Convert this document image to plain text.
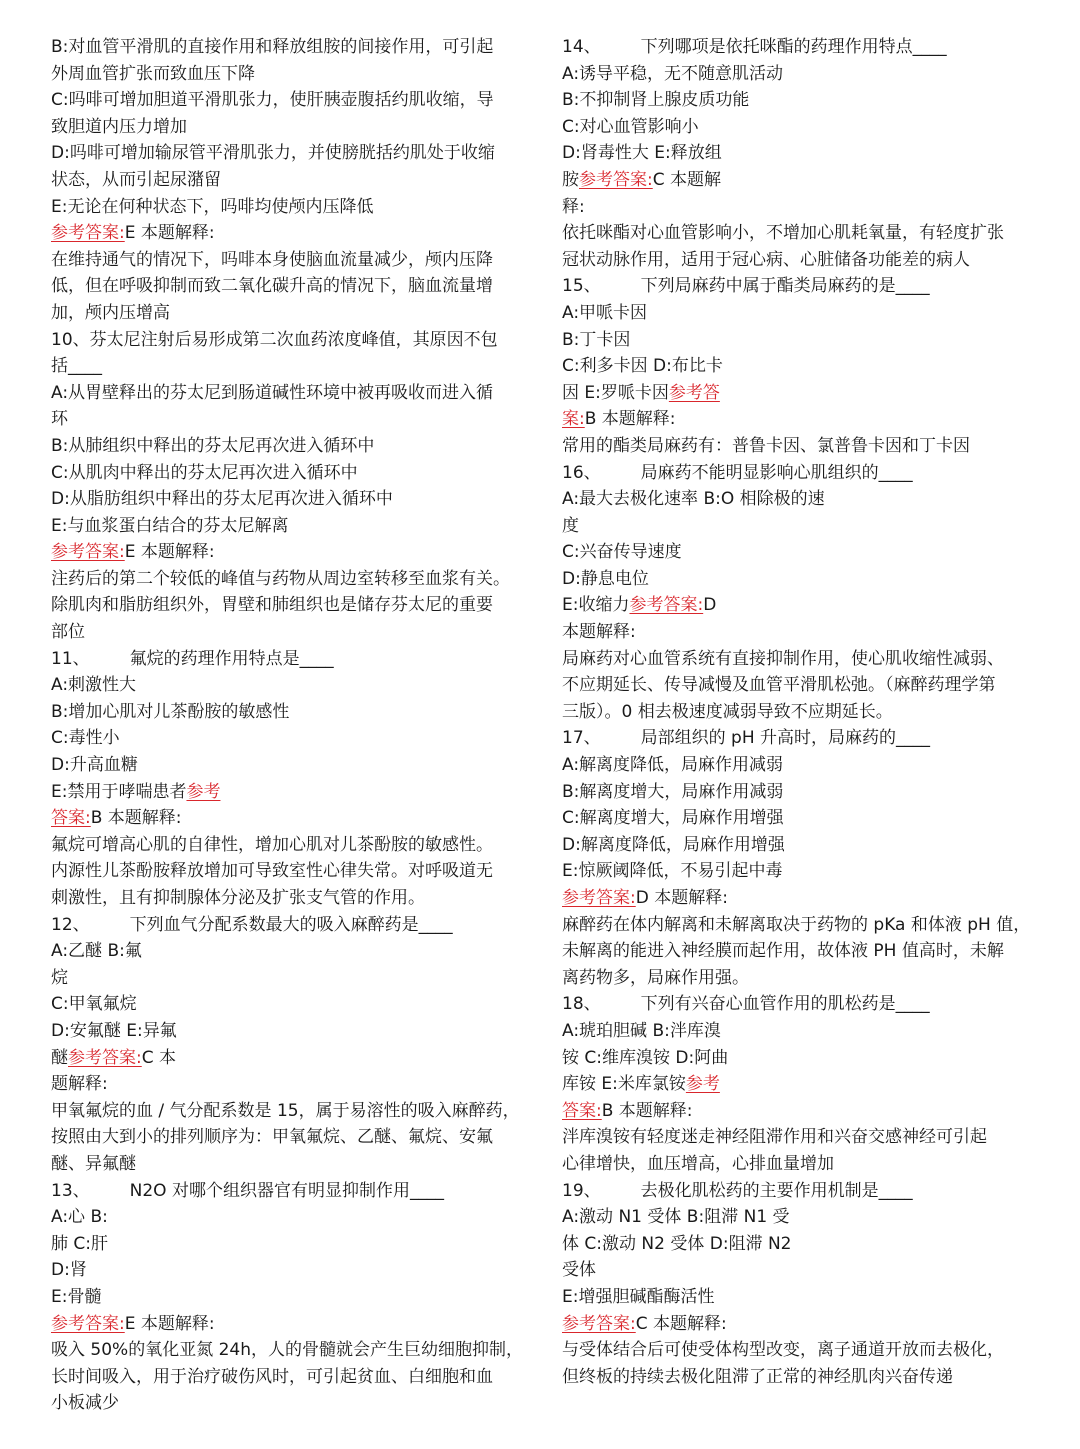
B:对血管平滑肌的直接作用和释放组胺的间接作用，可引起
外周血管扩张而致血压下降
C:吗啡可增加胆道平滑肌张力，使肝胰壶腹括约肌收缩，导
致胆道内压力增加
D:吗啡可增加输尿管平滑肌张力，并使膀胱括约肌处于收缩
状态，从而引起尿潴留
E:无论在何种状态下，吗啡均使颅内压降低
参考答案:E 本题解释:
在维持通气的情况下，吗啡本身使脑血流量减少，颅内压降
低，但在呼吸抑制而致二氧化碳升高的情况下，脑血流量增
加，颅内压增高
10、芬太尼注射后易形成第二次血药浓度峰值，其原因不包
括____
A:从胃壁释出的芬太尼到肠道碱性环境中被再吸收而进入循
环
B:从肺组织中释出的芬太尼再次进入循环中
C:从肌肉中释出的芬太尼再次进入循环中
D:从脂肪组织中释出的芬太尼再次进入循环中
E:与血浆蛋白结合的芬太尼解离
参考答案:E 本题解释:
注药后的第二个较低的峰值与药物从周边室转移至血浆有关。
除肌肉和脂肪组织外，胃壁和肺组织也是储存芬太尼的重要
部位
11、 氟烷的药理作用特点是____
A:刺激性大
B:增加心肌对儿茶酚胺的敏感性
C:毒性小
D:升高血糖
E:禁用于哮喘患者参考
答案:B 本题解释:
氟烷可增高心肌的自律性，增加心肌对儿茶酚胺的敏感性。
内源性儿茶酚胺释放增加可导致室性心律失常。对呼吸道无
刺激性，且有抑制腺体分泌及扩张支气管的作用。
12、 下列血气分配系数最大的吸入麻醉药是____
A:乙醚 B:氟
烷
C:甲氧氟烷
D:安氟醚 E:异氟
醚参考答案:C 本
题解释:
甲氧氟烷的血 / 气分配系数是 15，属于易溶性的吸入麻醉药，
按照由大到小的排列顺序为：甲氧氟烷、乙醚、氟烷、安氟
醚、异氟醚
13、 N2O 对哪个组织器官有明显抑制作用____
A:心 B:
肺 C:肝
D:肾
E:骨髓
参考答案:E 本题解释:
吸入 50%的氧化亚氮 24h，人的骨髓就会产生巨幼细胞抑制，
长时间吸入，用于治疗破伤风时，可引起贫血、白细胞和血
小板减少
14、 下列哪项是依托咪酯的药理作用特点____
A:诱导平稳，无不随意肌活动
B:不抑制肾上腺皮质功能
C:对心血管影响小
D:肾毒性大 E:释放组
胺参考答案:C 本题解
释:
依托咪酯对心血管影响小，不增加心肌耗氧量，有轻度扩张
冠状动脉作用，适用于冠心病、心脏储备功能差的病人
15、 下列局麻药中属于酯类局麻药的是____
A:甲哌卡因
B:丁卡因
C:利多卡因 D:布比卡
因 E:罗哌卡因参考答
案:B 本题解释:
常用的酯类局麻药有：普鲁卡因、氯普鲁卡因和丁卡因
16、 局麻药不能明显影响心肌组织的____
A:最大去极化速率 B:O 相除极的速
度
C:兴奋传导速度
D:静息电位
E:收缩力参考答案:D
本题解释:
局麻药对心血管系统有直接抑制作用，使心肌收缩性减弱、
不应期延长、传导减慢及血管平滑肌松弛。（麻醉药理学第
三版）。0 相去极速度减弱导致不应期延长。
17、 局部组织的 pH 升高时，局麻药的____
A:解离度降低，局麻作用减弱
B:解离度增大，局麻作用减弱
C:解离度增大，局麻作用增强
D:解离度降低，局麻作用增强
E:惊厥阈降低，不易引起中毒
参考答案:D 本题解释:
麻醉药在体内解离和未解离取决于药物的 pKa 和体液 pH 值，
未解离的能进入神经膜而起作用，故体液 PH 值高时，未解
离药物多，局麻作用强。
18、 下列有兴奋心血管作用的肌松药是____
A:琥珀胆碱 B:泮库溴
铵 C:维库溴铵 D:阿曲
库铵 E:米库氯铵参考
答案:B 本题解释:
泮库溴铵有轻度迷走神经阻滞作用和兴奋交感神经可引起
心律增快，血压增高，心排血量增加
19、 去极化肌松药的主要作用机制是____
A:激动 N1 受体 B:阻滞 N1 受
体 C:激动 N2 受体 D:阻滞 N2
受体
E:增强胆碱酯酶活性
参考答案:C 本题解释:
与受体结合后可使受体构型改变，离子通道开放而去极化，
但终板的持续去极化阻滞了正常的神经肌肉兴奋传递
